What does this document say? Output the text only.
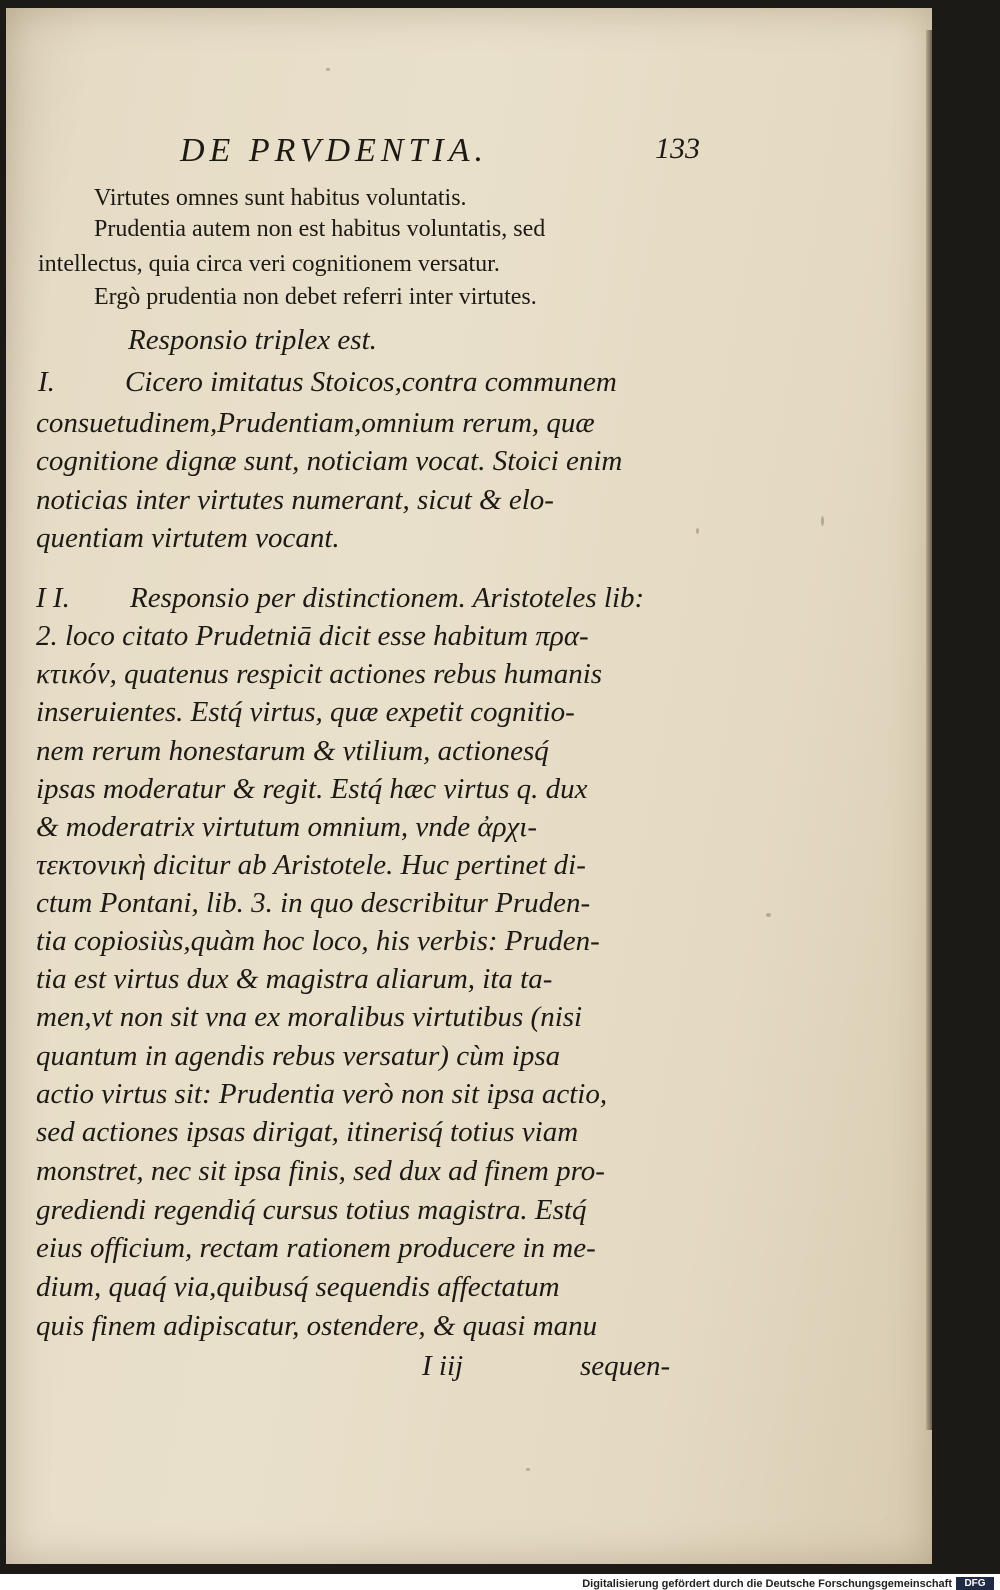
DE PRVDENTIA.	133
Virtutes omnes sunt habitus voluntatis.
Prudentia autem non est habitus voluntatis, sed
intellectus, quia circa veri cognitionem versatur.
Ergò prudentia non debet referri inter virtutes.
Responsio triplex est.
I. Cicero imitatus Stoicos,contra communem
consuetudinem,Prudentiam,omnium rerum, quæ
cognitione dignæ sunt, noticiam vocat. Stoici enim
noticias inter virtutes numerant, sicut & elo-
quentiam virtutem vocant.
I I. Responsio per distinctionem. Aristoteles lib:
2. loco citato Prudetniā dicit esse habitum πρα-
κτικόν, quatenus respicit actiones rebus humanis
inseruientes. Estq́ virtus, quæ expetit cognitio-
nem rerum honestarum & vtilium, actionesq́
ipsas moderatur & regit. Estq́ hæc virtus q. dux
& moderatrix virtutum omnium, vnde ἀρχι-
τεκτονικὴ dicitur ab Aristotele. Huc pertinet di-
ctum Pontani, lib. 3. in quo describitur Pruden-
tia copiosiùs,quàm hoc loco, his verbis: Pruden-
tia est virtus dux & magistra aliarum, ita ta-
men,vt non sit vna ex moralibus virtutibus (nisi
quantum in agendis rebus versatur) cùm ipsa
actio virtus sit: Prudentia verò non sit ipsa actio,
sed actiones ipsas dirigat, itinerisq́ totius viam
monstret, nec sit ipsa finis, sed dux ad finem pro-
grediendi regendiq́ cursus totius magistra. Estq́
eius officium, rectam rationem producere in me-
dium, quaq́ via,quibusq́ sequendis affectatum
quis finem adipiscatur, ostendere, & quasi manu
I iij	sequen-
Digitalisierung gefördert durch die Deutsche Forschungsgemeinschaft	DFG
